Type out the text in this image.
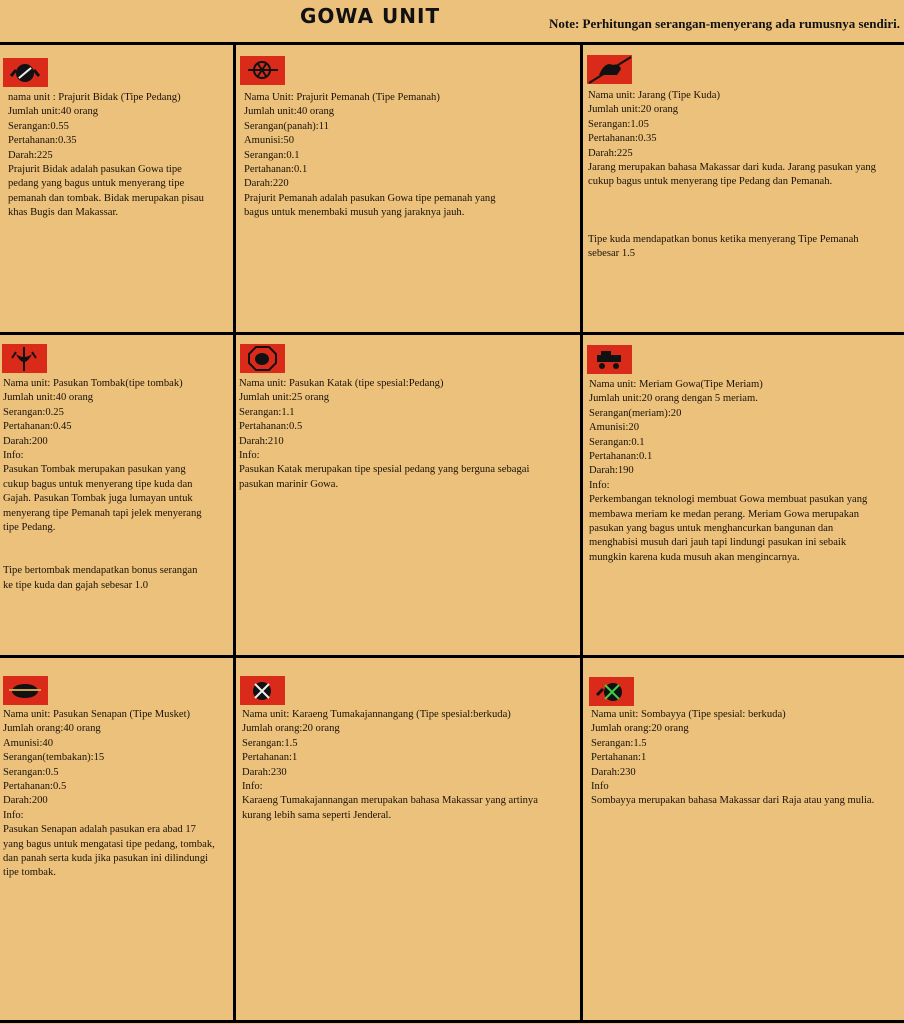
GOWA UNIT	Note: Perhitungan serangan-menyerang ada rumusnya sendiri.
nama unit : Prajurit Bidak (Tipe Pedang)
Jumlah unit:40 orang
Serangan:0.55
Pertahanan:0.35
Darah:225
Prajurit Bidak adalah pasukan Gowa tipe
pedang yang bagus untuk menyerang tipe
pemanah dan tombak. Bidak merupakan pisau
khas Bugis dan Makassar.
Nama Unit: Prajurit Pemanah (Tipe Pemanah)
Jumlah unit:40 orang
Serangan(panah):11
Amunisi:50
Serangan:0.1
Pertahanan:0.1
Darah:220
Prajurit Pemanah adalah pasukan Gowa tipe pemanah yang
bagus untuk menembaki musuh yang jaraknya jauh.
Nama unit: Jarang (Tipe Kuda)
Jumlah unit:20 orang
Serangan:1.05
Pertahanan:0.35
Darah:225
Jarang merupakan bahasa Makassar dari kuda. Jarang pasukan yang
cukup bagus untuk menyerang tipe Pedang dan Pemanah.
Tipe kuda mendapatkan bonus ketika menyerang Tipe Pemanah
sebesar 1.5
Nama unit: Pasukan Tombak(tipe tombak)
Jumlah unit:40 orang
Serangan:0.25
Pertahanan:0.45
Darah:200
Info:
Pasukan Tombak merupakan pasukan yang
cukup bagus untuk menyerang tipe kuda dan
Gajah. Pasukan Tombak juga lumayan untuk
menyerang tipe Pemanah tapi jelek menyerang
tipe Pedang.
Tipe bertombak mendapatkan bonus serangan
ke tipe kuda dan gajah sebesar 1.0
Nama unit: Pasukan Katak (tipe spesial:Pedang)
Jumlah unit:25 orang
Serangan:1.1
Pertahanan:0.5
Darah:210
Info:
Pasukan Katak merupakan tipe spesial pedang yang berguna sebagai
pasukan marinir Gowa.
Nama unit: Meriam Gowa(Tipe Meriam)
Jumlah unit:20 orang dengan 5 meriam.
Serangan(meriam):20
Amunisi:20
Serangan:0.1
Pertahanan:0.1
Darah:190
Info:
Perkembangan teknologi membuat Gowa membuat pasukan yang
membawa meriam ke medan perang. Meriam Gowa merupakan
pasukan yang bagus untuk menghancurkan bangunan dan
menghabisi musuh dari jauh tapi lindungi pasukan ini sebaik
mungkin karena kuda musuh akan mengincarnya.
Nama unit: Pasukan Senapan (Tipe Musket)
Jumlah orang:40 orang
Amunisi:40
Serangan(tembakan):15
Serangan:0.5
Pertahanan:0.5
Darah:200
Info:
Pasukan Senapan adalah pasukan era abad 17
yang bagus untuk mengatasi tipe pedang, tombak,
dan panah serta kuda jika pasukan ini dilindungi
tipe tombak.
Nama unit: Karaeng Tumakajannangang (Tipe spesial:berkuda)
Jumlah orang:20 orang
Serangan:1.5
Pertahanan:1
Darah:230
Info:
Karaeng Tumakajannangan merupakan bahasa Makassar yang artinya
kurang lebih sama seperti Jenderal.
Nama unit: Sombayya (Tipe spesial: berkuda)
Jumlah orang:20 orang
Serangan:1.5
Pertahanan:1
Darah:230
Info
Sombayya merupakan bahasa Makassar dari Raja atau yang mulia.
